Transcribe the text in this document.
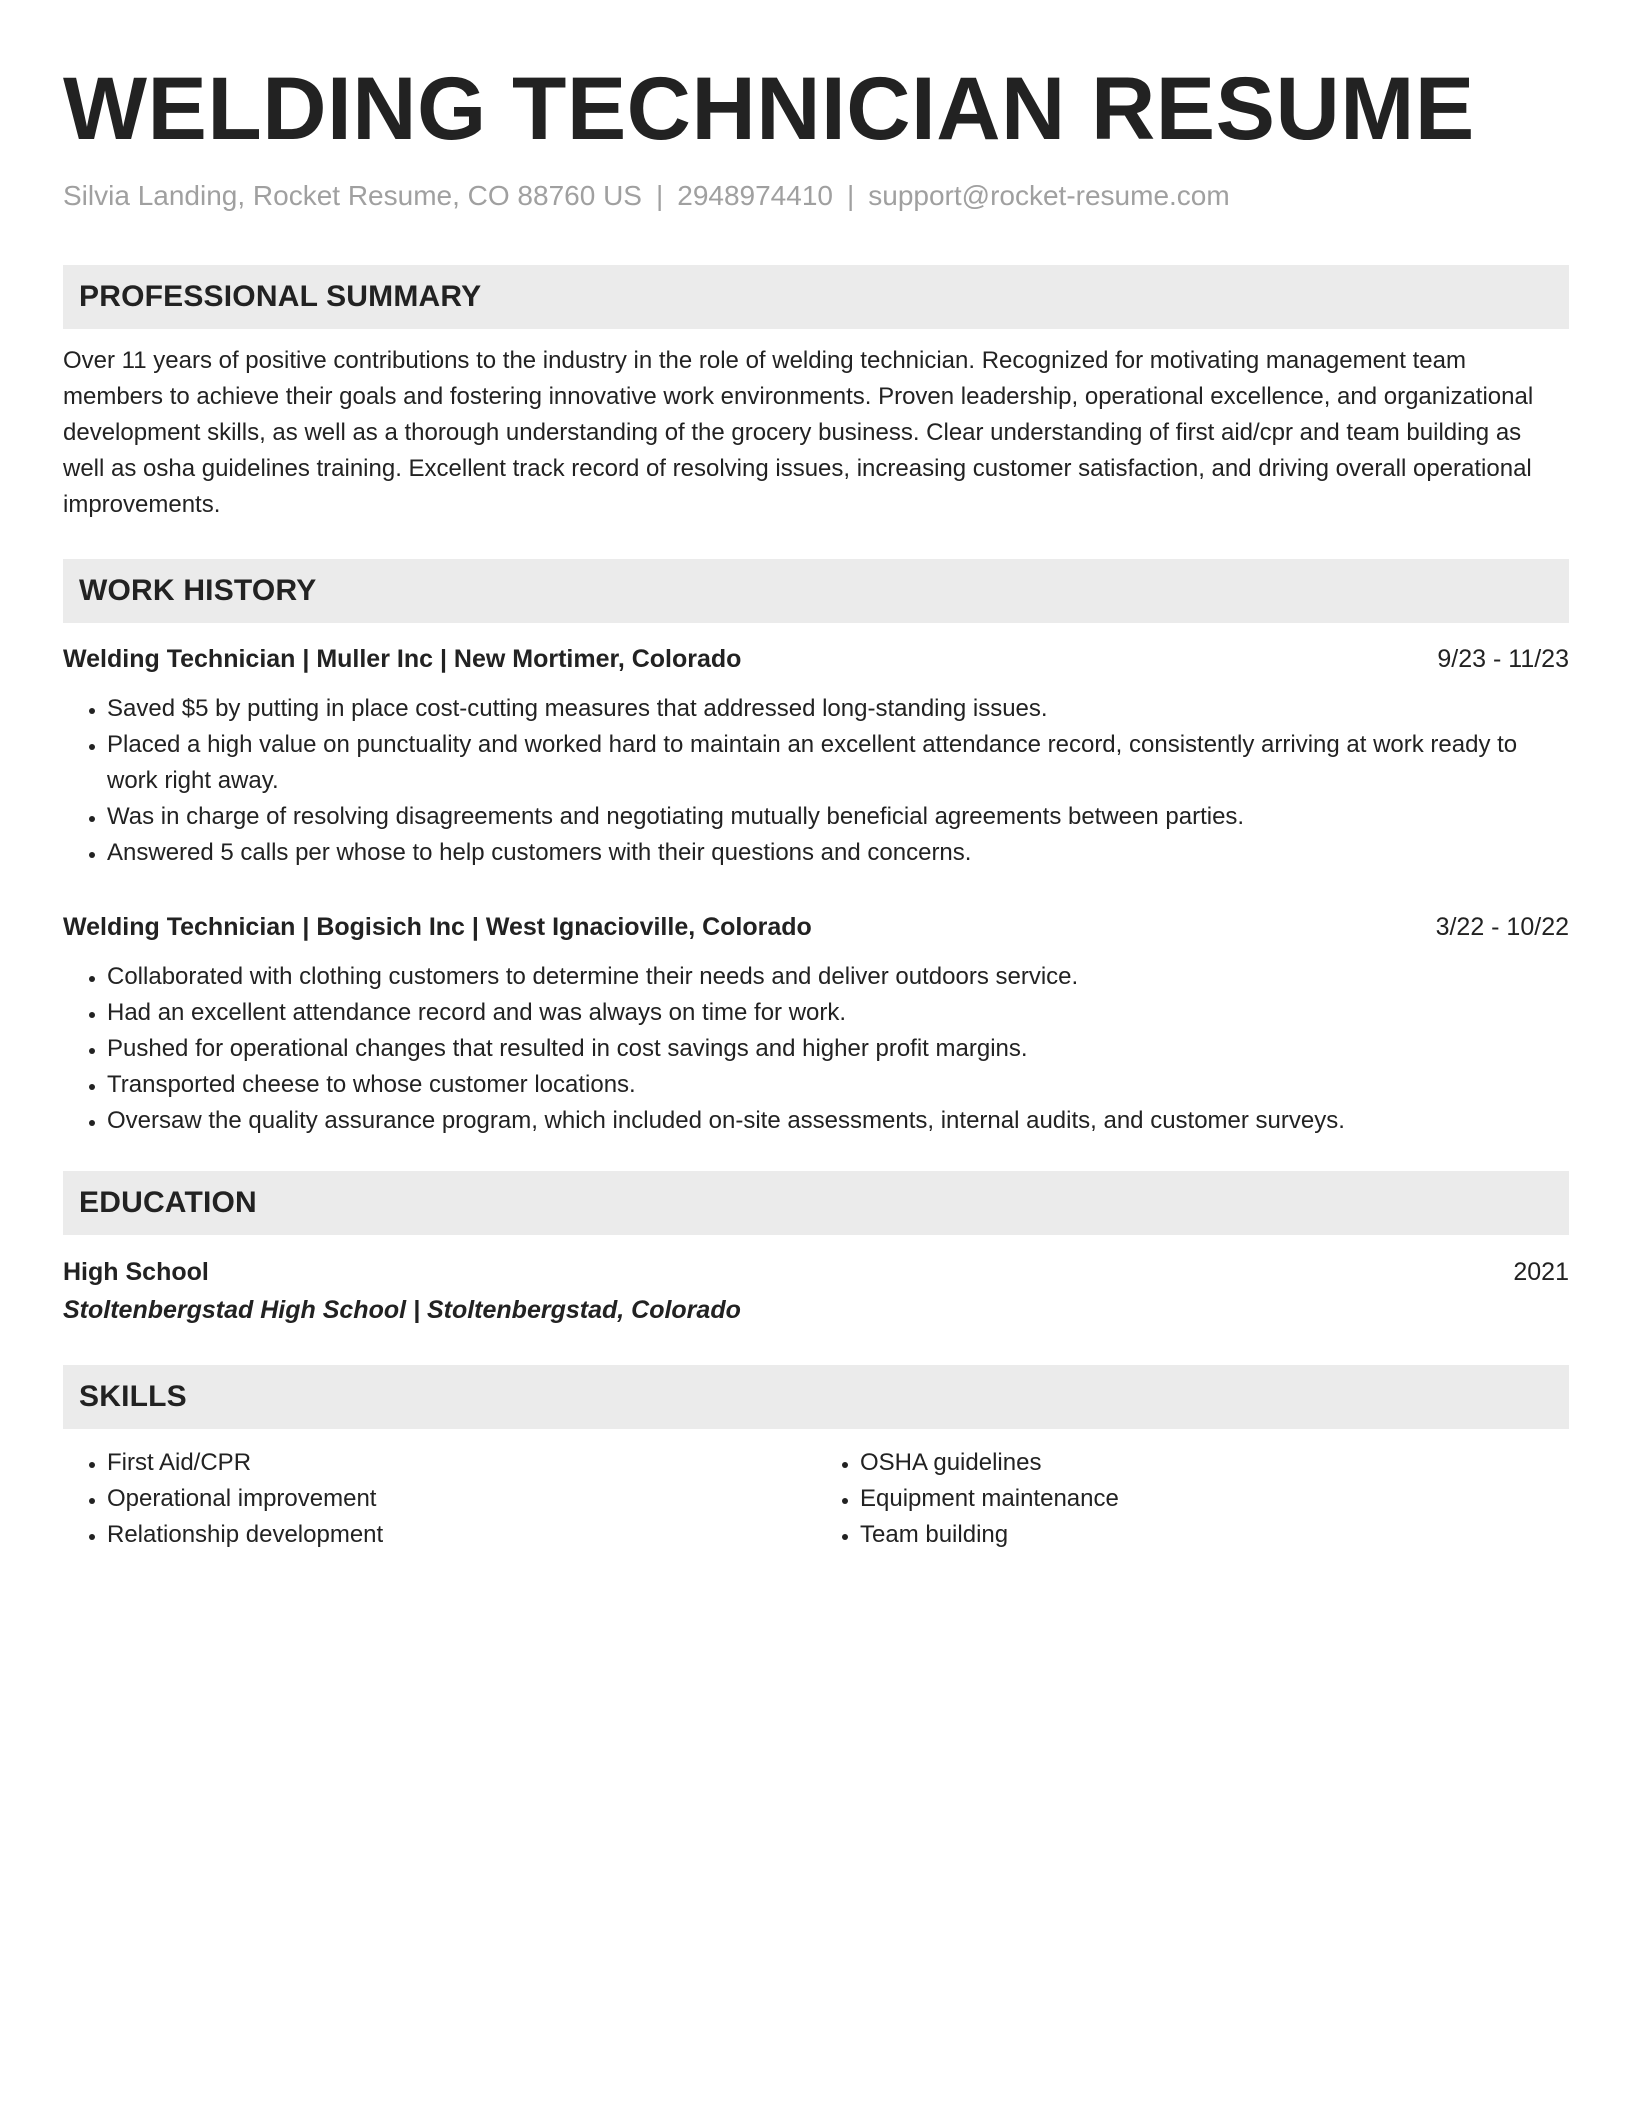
WELDING TECHNICIAN RESUME
Silvia Landing, Rocket Resume, CO 88760 US | 2948974410 | support@rocket-resume.com
PROFESSIONAL SUMMARY
Over 11 years of positive contributions to the industry in the role of welding technician. Recognized for motivating management team members to achieve their goals and fostering innovative work environments. Proven leadership, operational excellence, and organizational development skills, as well as a thorough understanding of the grocery business. Clear understanding of first aid/cpr and team building as well as osha guidelines training. Excellent track record of resolving issues, increasing customer satisfaction, and driving overall operational improvements.
WORK HISTORY
Welding Technician | Muller Inc | New Mortimer, Colorado	9/23 - 11/23
• Saved $5 by putting in place cost-cutting measures that addressed long-standing issues.
• Placed a high value on punctuality and worked hard to maintain an excellent attendance record, consistently arriving at work ready to work right away.
• Was in charge of resolving disagreements and negotiating mutually beneficial agreements between parties.
• Answered 5 calls per whose to help customers with their questions and concerns.
Welding Technician | Bogisich Inc | West Ignacioville, Colorado	3/22 - 10/22
• Collaborated with clothing customers to determine their needs and deliver outdoors service.
• Had an excellent attendance record and was always on time for work.
• Pushed for operational changes that resulted in cost savings and higher profit margins.
• Transported cheese to whose customer locations.
• Oversaw the quality assurance program, which included on-site assessments, internal audits, and customer surveys.
EDUCATION
High School	2021
Stoltenbergstad High School | Stoltenbergstad, Colorado
SKILLS
• First Aid/CPR
• Operational improvement
• Relationship development
• OSHA guidelines
• Equipment maintenance
• Team building
